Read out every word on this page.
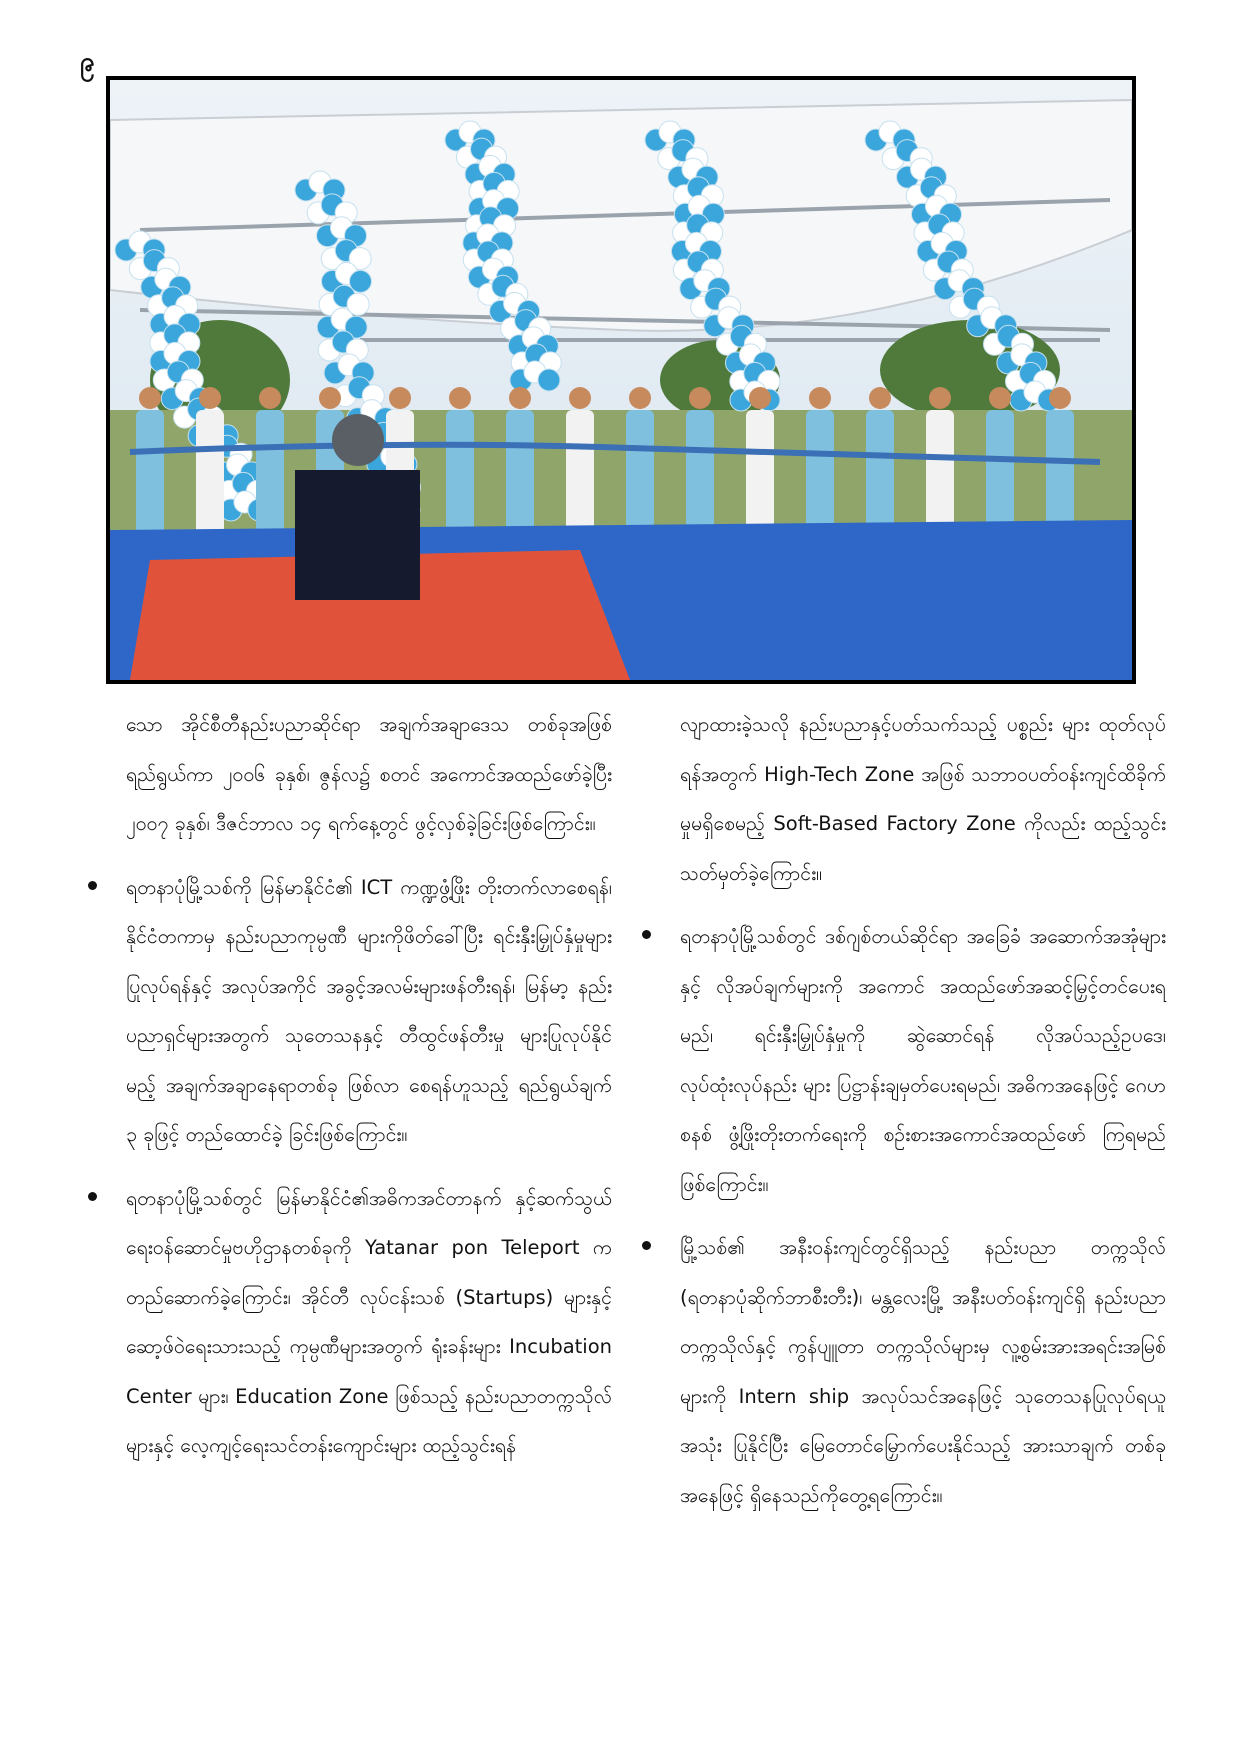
၉

သော အိုင်စီတီနည်းပညာဆိုင်ရာ အချက်အချာဒေသ တစ်ခုအဖြစ်ရည်ရွယ်ကာ ၂၀၀၆ ခုနှစ်၊ ဇွန်လ၌ စတင် အကောင်အထည်ဖော်ခဲ့ပြီး ၂၀၀၇ ခုနှစ်၊ ဒီဇင်ဘာလ ၁၄ ရက်နေ့တွင် ဖွင့်လှစ်ခဲ့ခြင်းဖြစ်ကြောင်း။

ရတနာပုံမြို့သစ်ကို မြန်မာနိုင်ငံ၏ ICT ကဏ္ဍဖွံ့ဖြိုး တိုးတက်လာစေရန်၊ နိုင်ငံတကာမှ နည်းပညာကုမ္ပဏီ များကိုဖိတ်ခေါ်ပြီး ရင်းနှီးမြှုပ်နှံမှုများ ပြုလုပ်ရန်နှင့် အလုပ်အကိုင် အခွင့်အလမ်းများဖန်တီးရန်၊ မြန်မာ့ နည်းပညာရှင်များအတွက် သုတေသနနှင့် တီထွင်ဖန်တီးမှု များပြုလုပ်နိုင်မည့် အချက်အချာနေရာတစ်ခု ဖြစ်လာ စေရန်ဟူသည့် ရည်ရွယ်ချက် ၃ ခုဖြင့် တည်ထောင်ခဲ့ ခြင်းဖြစ်ကြောင်း။
ရတနာပုံမြို့သစ်တွင် မြန်မာနိုင်ငံ၏အဓိကအင်တာနက် နှင့်ဆက်သွယ်ရေးဝန်ဆောင်မှုဗဟိုဌာနတစ်ခုကို Yatanar pon Teleport က တည်ဆောက်ခဲ့ကြောင်း၊ အိုင်တီ လုပ်ငန်းသစ် (Startups) များနှင့် ဆော့ဖ်ဝဲရေးသားသည့် ကုမ္ပဏီများအတွက် ရုံးခန်းများ Incubation Center များ၊ Education Zone ဖြစ်သည့် နည်းပညာတက္ကသိုလ် များနှင့် လေ့ကျင့်ရေးသင်တန်းကျောင်းများ ထည့်သွင်းရန်

လျာထားခဲ့သလို နည်းပညာနှင့်ပတ်သက်သည့် ပစ္စည်း များ ထုတ်လုပ်ရန်အတွက် High-Tech Zone အဖြစ် သဘာဝပတ်ဝန်းကျင်ထိခိုက်မှုမရှိစေမည့် Soft-Based Factory Zone ကိုလည်း ထည့်သွင်းသတ်မှတ်ခဲ့ကြောင်း။

ရတနာပုံမြို့သစ်တွင် ဒစ်ဂျစ်တယ်ဆိုင်ရာ အခြေခံ အဆောက်အအုံများနှင့် လိုအပ်ချက်များကို အကောင် အထည်ဖော်အဆင့်မြှင့်တင်ပေးရမည်၊ ရင်းနှီးမြှုပ်နှံမှုကို ဆွဲဆောင်ရန် လိုအပ်သည့်ဥပဒေ၊ လုပ်ထုံးလုပ်နည်း များ ပြဋ္ဌာန်းချမှတ်ပေးရမည်၊ အဓိကအနေဖြင့် ဂေဟစနစ် ဖွံ့ဖြိုးတိုးတက်ရေးကို စဉ်းစားအကောင်အထည်ဖော် ကြရမည်ဖြစ်ကြောင်း။
မြို့သစ်၏ အနီးဝန်းကျင်တွင်ရှိသည့် နည်းပညာ တက္ကသိုလ် (ရတနာပုံဆိုက်ဘာစီးတီး)၊ မန္တလေးမြို့ အနီးပတ်ဝန်းကျင်ရှိ နည်းပညာတက္ကသိုလ်နှင့် ကွန်ပျူတာ တက္ကသိုလ်များမှ လူ့စွမ်းအားအရင်းအမြစ်များကို Intern ship အလုပ်သင်အနေဖြင့် သုတေသနပြုလုပ်ရယူအသုံး ပြုနိုင်ပြီး မြေတောင်မြှောက်ပေးနိုင်သည့် အားသာချက် တစ်ခုအနေဖြင့် ရှိနေသည်ကိုတွေ့ရကြောင်း။
